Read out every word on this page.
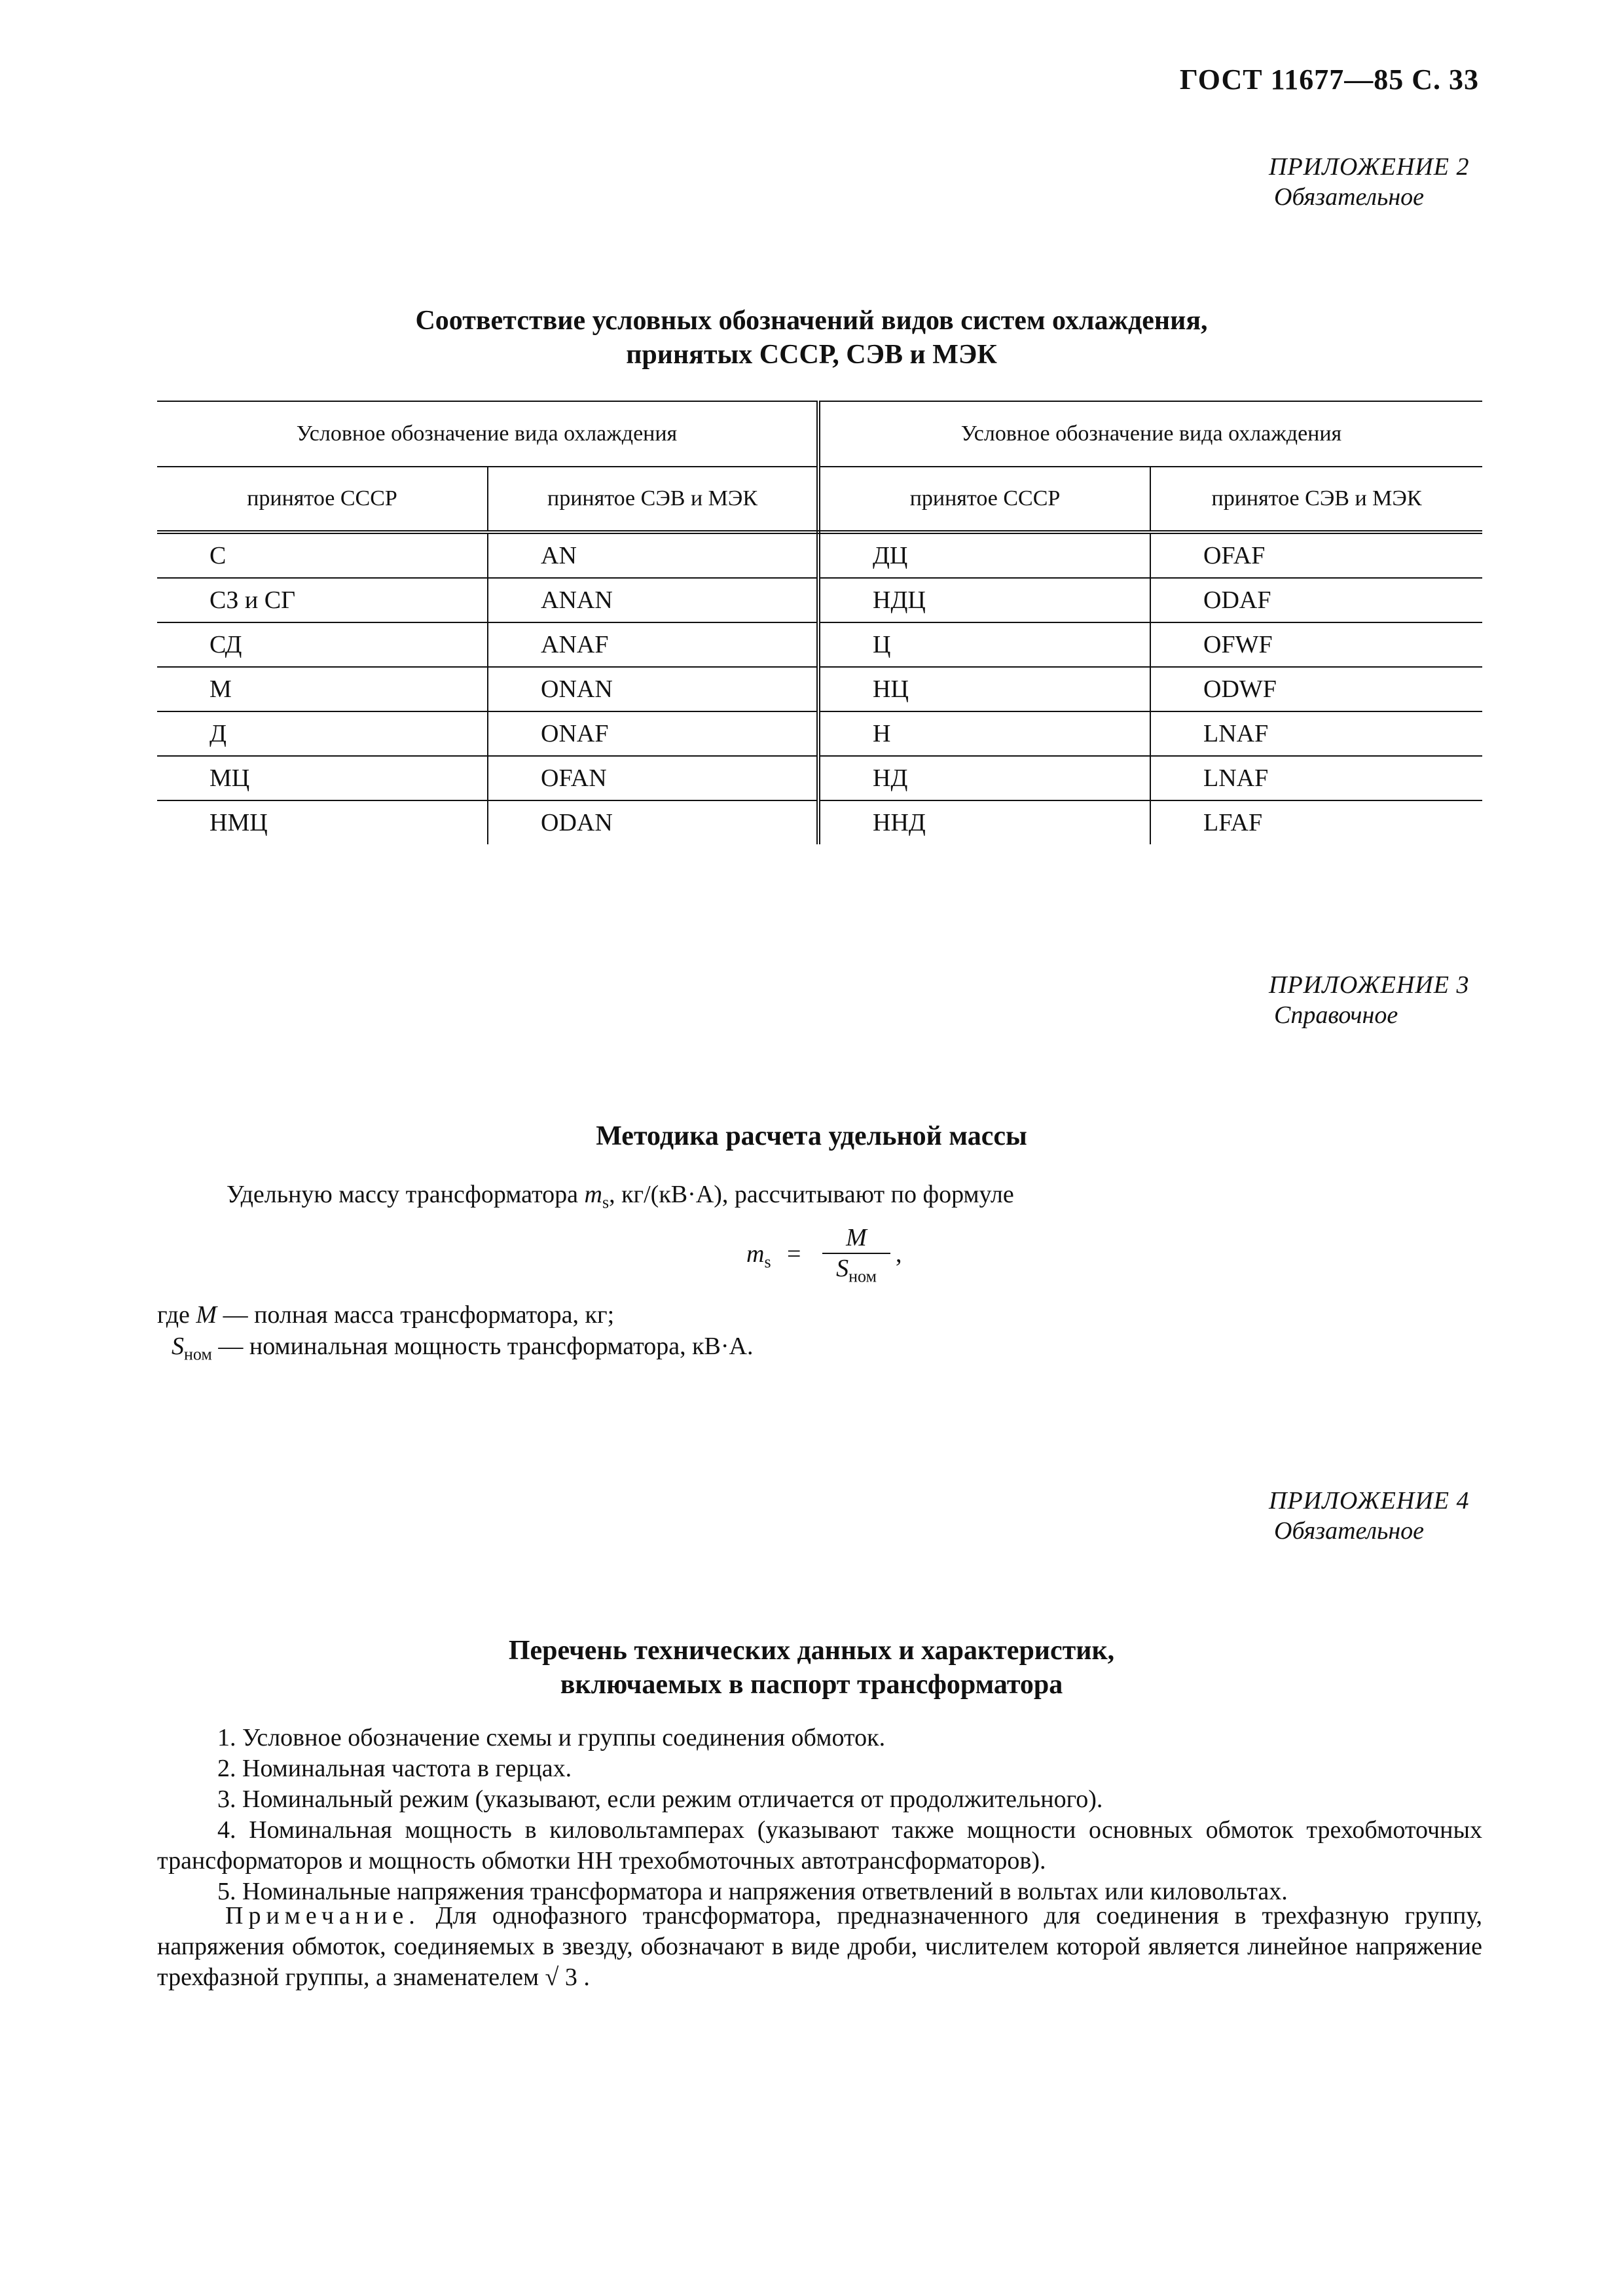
ГОСТ 11677—85 С. 33
ПРИЛОЖЕНИЕ 2
Обязательное
Соответствие условных обозначений видов систем охлаждения,
принятых СССР, СЭВ и МЭК
Условное обозначение вида охлаждения		Условное обозначение вида охлаждения	
принятое СССР	принятое СЭВ и МЭК	принятое СССР	принятое СЭВ и МЭК
С	AN	ДЦ	OFAF
СЗ и СГ	ANAN	НДЦ	ODAF
СД	ANAF	Ц	OFWF
М	ONAN	НЦ	ODWF
Д	ONAF	Н	LNAF
МЦ	OFAN	НД	LNAF
НМЦ	ODAN	ННД	LFAF
ПРИЛОЖЕНИЕ 3
Справочное
Методика расчета удельной массы
Удельную массу трансформатора $m_s$, кг/(кВ·А), рассчитывают по формуле
$m_s$ =
M
$S_{ном}$
,
где M — полная масса трансформатора, кг;
$S_{ном}$ — номинальная мощность трансформатора, кВ·А.
ПРИЛОЖЕНИЕ 4
Обязательное
Перечень технических данных и характеристик,
включаемых в паспорт трансформатора
1. Условное обозначение схемы и группы соединения обмоток.
2. Номинальная частота в герцах.
3. Номинальный режим (указывают, если режим отличается от продолжительного).
4. Номинальная мощность в киловольтамперах (указывают также мощности основных обмоток трехобмоточных трансформаторов и мощность обмотки НН трехобмоточных автотрансформаторов).
5. Номинальные напряжения трансформатора и напряжения ответвлений в вольтах или киловольтах.
Примечание. Для однофазного трансформатора, предназначенного для соединения в трехфазную группу, напряжения обмоток, соединяемых в звезду, обозначают в виде дроби, числителем которой является линейное напряжение трехфазной группы, а знаменателем √ 3 .
